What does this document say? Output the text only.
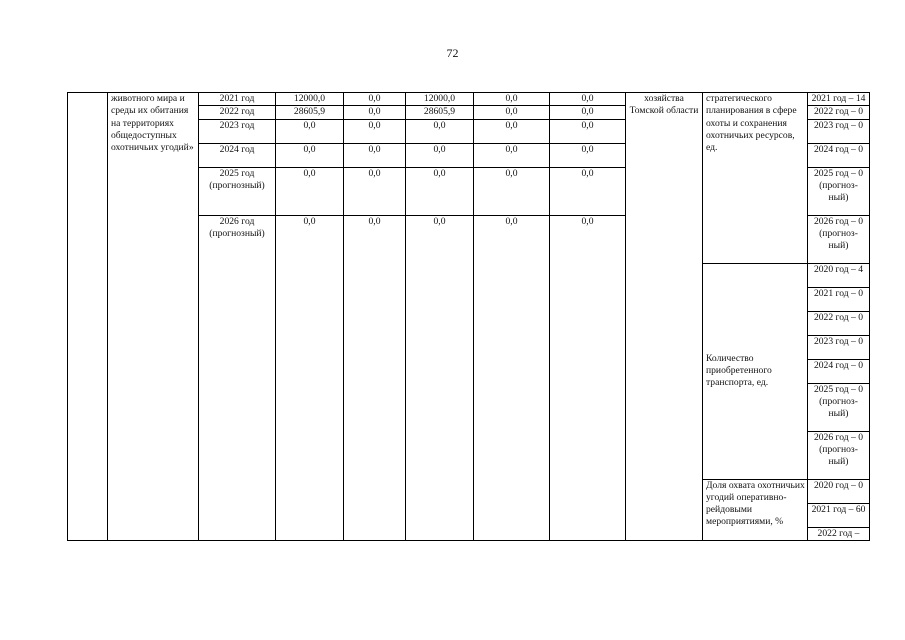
72
	животного мира и среды их обитания на территориях общедоступных охотничьих угодий»	2021 год	12000,0	0,0	12000,0	0,0	0,0	хозяйства Томской области	стратегического планирования в сфере охоты и сохранения охотничьих ресурсов, ед.	2021 год – 14

		2022 год	28605,9	0,0	28605,9	0,0	0,0			2022 год – 0

		2023 год	0,0	0,0	0,0	0,0	0,0			2023 год – 0
		2024 год	0,0	0,0	0,0	0,0	0,0			2024 год – 0
		2025 год (прогнозный)	0,0	0,0	0,0	0,0	0,0			2025 год – 0 (прогноз-ный)
		2026 год (прогнозный)	0,0	0,0	0,0	0,0	0,0			2026 год – 0 (прогноз-ный)
									Количество приобретенного транспорта, ед.	2020 год – 4
										2021 год – 0
										2022 год – 0
										2023 год – 0
										2024 год – 0
										2025 год – 0 (прогноз-ный)
										2026 год – 0 (прогноз-ный)

									Доля охвата охотничьих угодий оперативно-рейдовыми мероприятиями, %	2020 год – 0
										2021 год – 60
										2022 год –
